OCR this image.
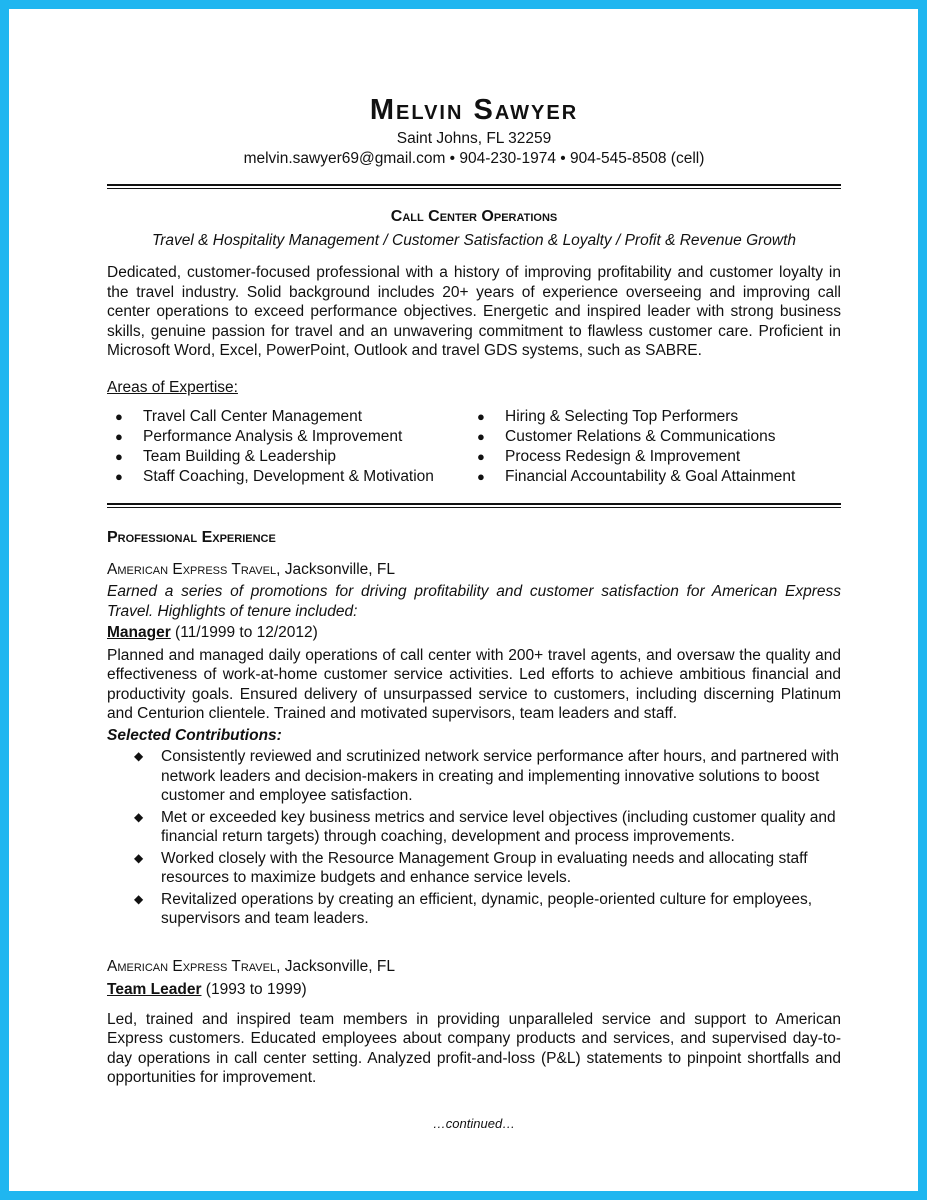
Melvin Sawyer

Saint Johns, FL 32259
melvin.sawyer69@gmail.com • 904-230-1974 • 904-545-8508 (cell)

Call Center Operations

Travel & Hospitality Management / Customer Satisfaction & Loyalty / Profit & Revenue Growth

Dedicated, customer-focused professional with a history of improving profitability and customer loyalty in the travel industry. Solid background includes 20+ years of experience overseeing and improving call center operations to exceed performance objectives. Energetic and inspired leader with strong business skills, genuine passion for travel and an unwavering commitment to flawless customer care. Proficient in Microsoft Word, Excel, PowerPoint, Outlook and travel GDS systems, such as SABRE.

Areas of Expertise:
● Travel Call Center Management
● Performance Analysis & Improvement
● Team Building & Leadership
● Staff Coaching, Development & Motivation
● Hiring & Selecting Top Performers
● Customer Relations & Communications
● Process Redesign & Improvement
● Financial Accountability & Goal Attainment

Professional Experience

American Express Travel, Jacksonville, FL
Earned a series of promotions for driving profitability and customer satisfaction for American Express Travel. Highlights of tenure included:
Manager (11/1999 to 12/2012)
Planned and managed daily operations of call center with 200+ travel agents, and oversaw the quality and effectiveness of work-at-home customer service activities. Led efforts to achieve ambitious financial and productivity goals. Ensured delivery of unsurpassed service to customers, including discerning Platinum and Centurion clientele. Trained and motivated supervisors, team leaders and staff.
Selected Contributions:
◆ Consistently reviewed and scrutinized network service performance after hours, and partnered with network leaders and decision-makers in creating and implementing innovative solutions to boost customer and employee satisfaction.
◆ Met or exceeded key business metrics and service level objectives (including customer quality and financial return targets) through coaching, development and process improvements.
◆ Worked closely with the Resource Management Group in evaluating needs and allocating staff resources to maximize budgets and enhance service levels.
◆ Revitalized operations by creating an efficient, dynamic, people-oriented culture for employees, supervisors and team leaders.
American Express Travel, Jacksonville, FL
Team Leader (1993 to 1999)
Led, trained and inspired team members in providing unparalleled service and support to American Express customers. Educated employees about company products and services, and supervised day-to-day operations in call center setting. Analyzed profit-and-loss (P&L) statements to pinpoint shortfalls and opportunities for improvement.
…continued…
